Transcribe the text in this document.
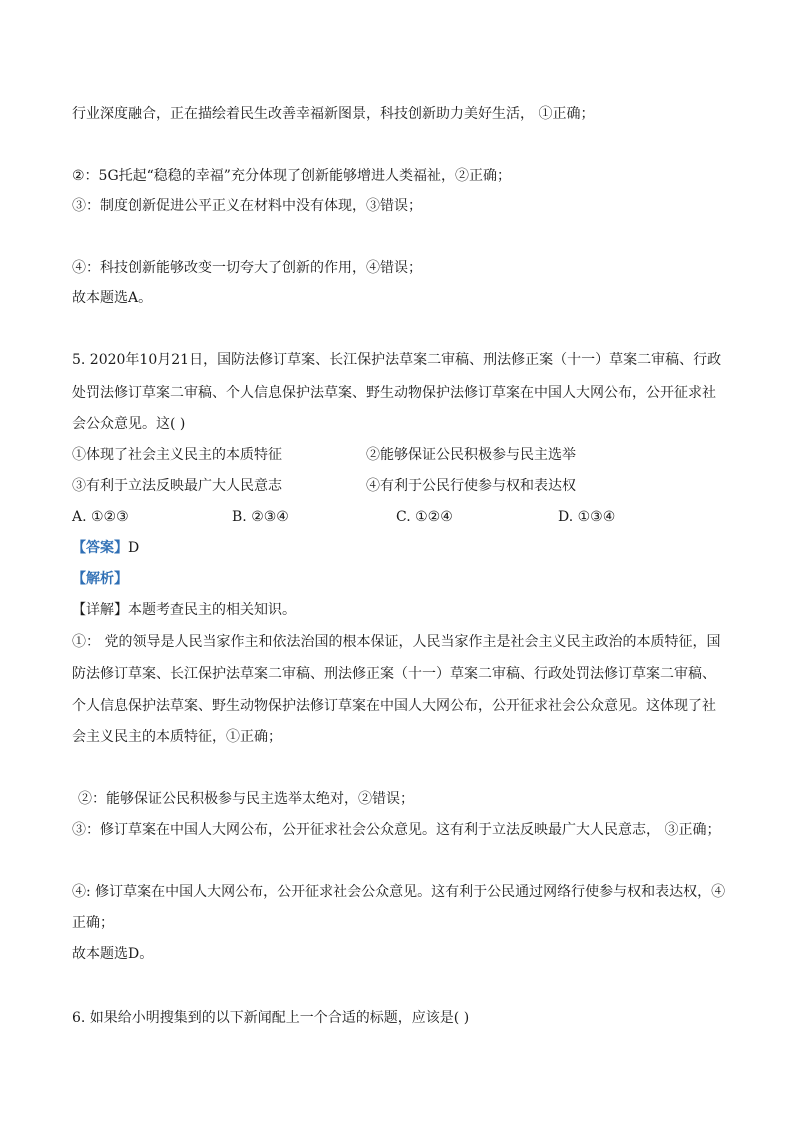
行业深度融合，正在描绘着民生改善幸福新图景，科技创新助力美好生活， ①正确；
②：5G托起“稳稳的幸福”充分体现了创新能够增进人类福祉，②正确；
③：制度创新促进公平正义在材料中没有体现，③错误；
④：科技创新能够改变一切夸大了创新的作用，④错误；
故本题选A。
5. 2020年10月21日，国防法修订草案、长江保护法草案二审稿、刑法修正案（十一）草案二审稿、行政
处罚法修订草案二审稿、个人信息保护法草案、野生动物保护法修订草案在中国人大网公布，公开征求社
会公众意见。这( )
①体现了社会主义民主的本质特征	②能够保证公民积极参与民主选举
③有利于立法反映最广大人民意志	④有利于公民行使参与权和表达权
A. ①②③	B. ②③④	C. ①②④	D. ①③④
【答案】D
【解析】
【详解】本题考查民主的相关知识。
①： 党的领导是人民当家作主和依法治国的根本保证，人民当家作主是社会主义民主政治的本质特征，国
防法修订草案、长江保护法草案二审稿、刑法修正案（十一）草案二审稿、行政处罚法修订草案二审稿、
个人信息保护法草案、野生动物保护法修订草案在中国人大网公布，公开征求社会公众意见。这体现了社
会主义民主的本质特征，①正确；
②：能够保证公民积极参与民主选举太绝对，②错误；
③：修订草案在中国人大网公布，公开征求社会公众意见。这有利于立法反映最广大人民意志， ③正确；
④: 修订草案在中国人大网公布，公开征求社会公众意见。这有利于公民通过网络行使参与权和表达权，④
正确；
故本题选D。
6. 如果给小明搜集到的以下新闻配上一个合适的标题，应该是( )
